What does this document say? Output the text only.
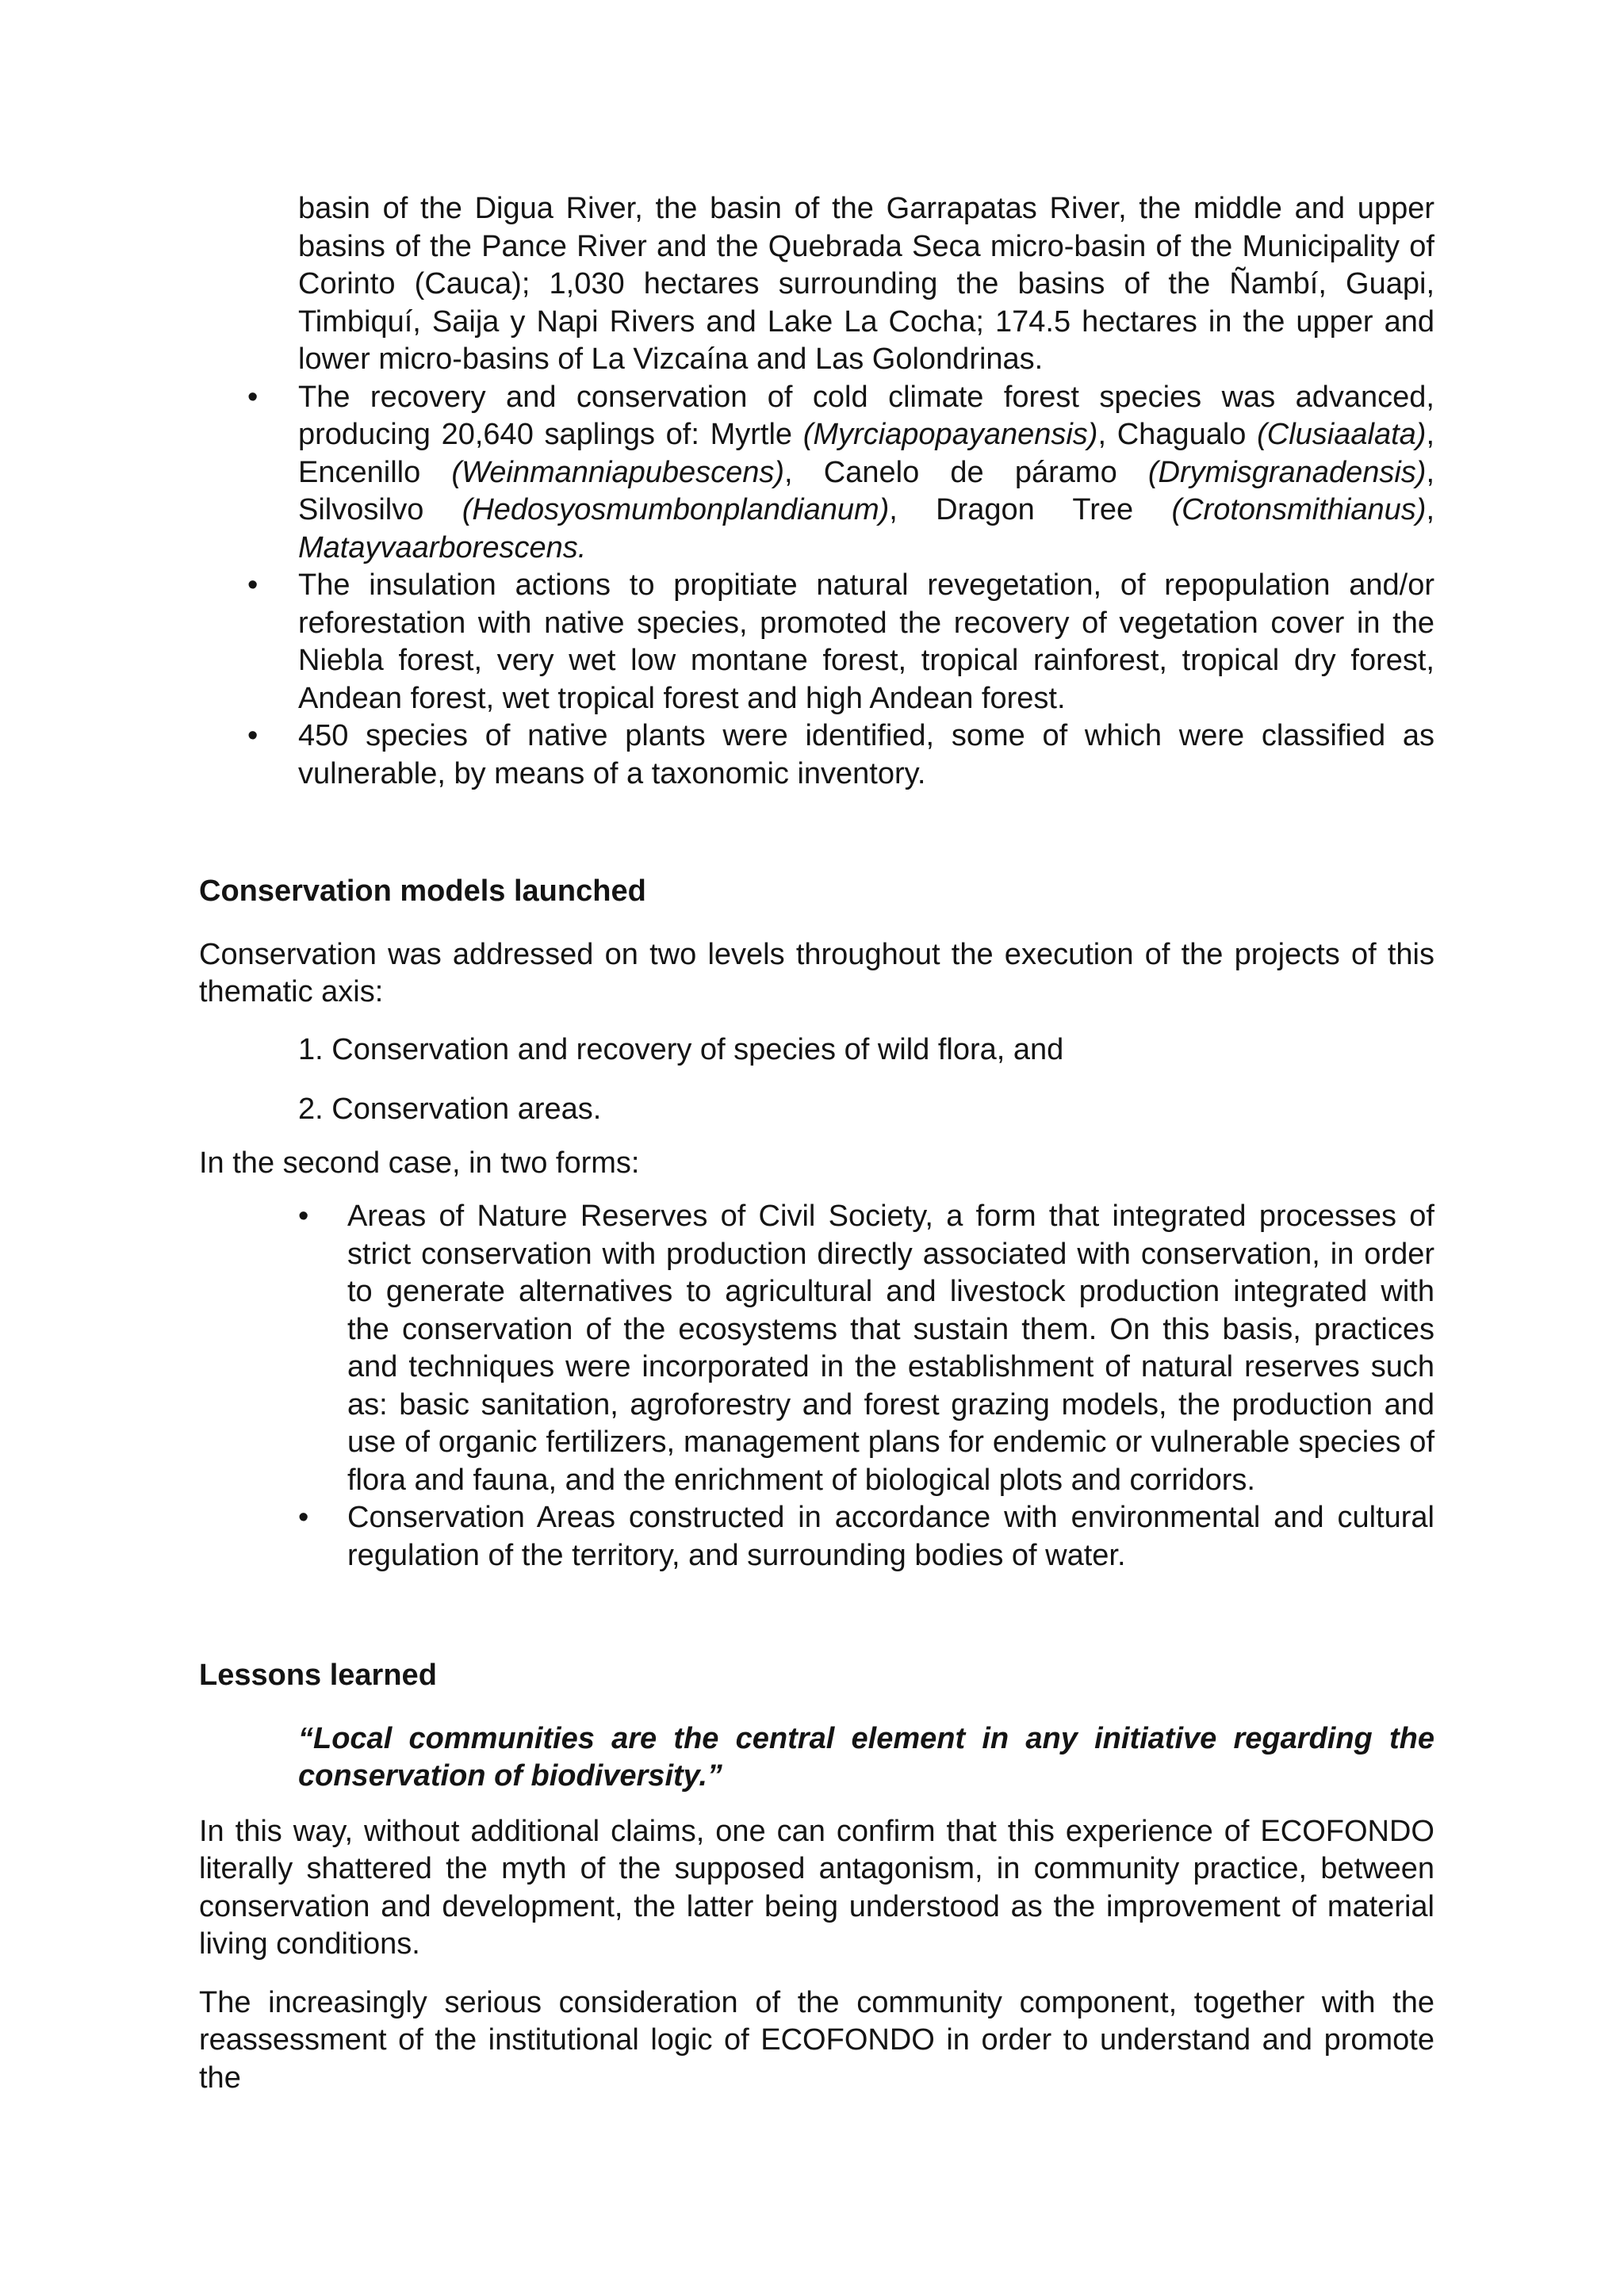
basin of the Digua River, the basin of the Garrapatas River, the middle and upper basins of the Pance River and the Quebrada Seca micro-basin of the Municipality of Corinto (Cauca); 1,030 hectares surrounding the basins of the Ñambí, Guapi, Timbiquí, Saija y Napi Rivers and Lake La Cocha; 174.5 hectares in the upper and lower micro-basins of La Vizcaína and Las Golondrinas.

• The recovery and conservation of cold climate forest species was advanced, producing 20,640 saplings of: Myrtle (Myrciapopayanensis), Chagualo (Clusiaalata), Encenillo (Weinmanniapubescens), Canelo de páramo (Drymisgranadensis), Silvosilvo (Hedosyosmumbonplandianum), Dragon Tree (Crotonsmithianus), Matayvaarborescens.
• The insulation actions to propitiate natural revegetation, of repopulation and/or reforestation with native species, promoted the recovery of vegetation cover in the Niebla forest, very wet low montane forest, tropical rainforest, tropical dry forest, Andean forest, wet tropical forest and high Andean forest.
• 450 species of native plants were identified, some of which were classified as vulnerable, by means of a taxonomic inventory.
Conservation models launched

Conservation was addressed on two levels throughout the execution of the projects of this thematic axis:

1. Conservation and recovery of species of wild flora, and

2. Conservation areas.

In the second case, in two forms:

• Areas of Nature Reserves of Civil Society, a form that integrated processes of strict conservation with production directly associated with conservation, in order to generate alternatives to agricultural and livestock production integrated with the conservation of the ecosystems that sustain them. On this basis, practices and techniques were incorporated in the establishment of natural reserves such as: basic sanitation, agroforestry and forest grazing models, the production and use of organic fertilizers, management plans for endemic or vulnerable species of flora and fauna, and the enrichment of biological plots and corridors.
• Conservation Areas constructed in accordance with environmental and cultural regulation of the territory, and surrounding bodies of water.
Lessons learned

“Local communities are the central element in any initiative regarding the conservation of biodiversity.”

In this way, without additional claims, one can confirm that this experience of ECOFONDO literally shattered the myth of the supposed antagonism, in community practice, between conservation and development, the latter being understood as the improvement of material living conditions.

The increasingly serious consideration of the community component, together with the reassessment of the institutional logic of ECOFONDO in order to understand and promote the
